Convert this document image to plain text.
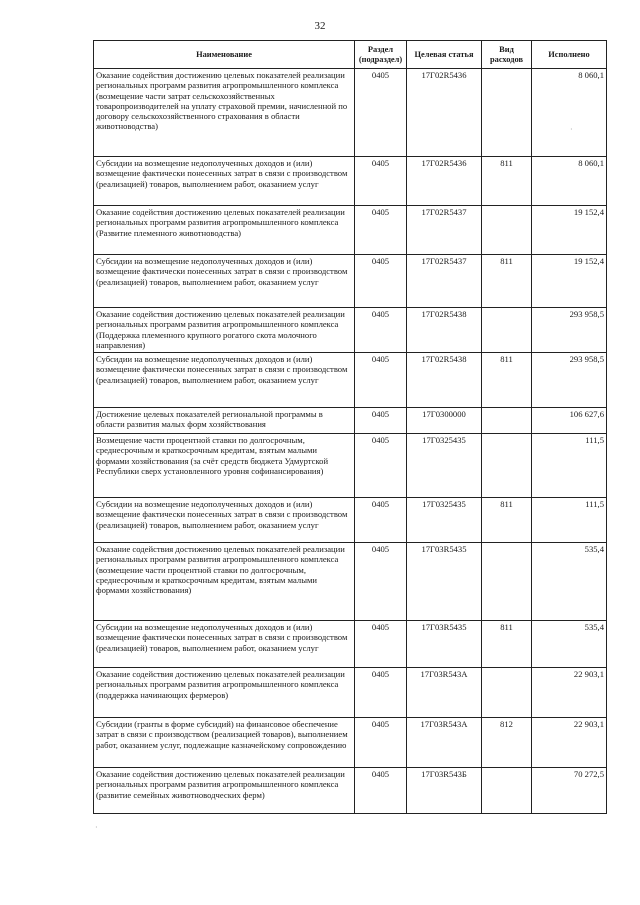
32
Наименование	Раздел (подраздел)	Целевая статья	Вид расходов	Исполнено
Оказание содействия достижению целевых показателей реализации региональных программ развития агропромышленного комплекса (возмещение части затрат сельскохозяйственных товаропроизводителей на уплату страховой премии, начисленной по договору сельскохозяйственного страхования в области животноводства)	0405	17Г02R5436		8 060,1
Субсидии на возмещение недополученных доходов и (или) возмещение фактически понесенных затрат в связи с производством (реализацией) товаров, выполнением работ, оказанием услуг	0405	17Г02R5436	811	8 060,1
Оказание содействия достижению целевых показателей реализации региональных программ развития агропромышленного комплекса (Развитие племенного животноводства)	0405	17Г02R5437		19 152,4
Субсидии на возмещение недополученных доходов и (или) возмещение фактически понесенных затрат в связи с производством (реализацией) товаров, выполнением работ, оказанием услуг	0405	17Г02R5437	811	19 152,4
Оказание содействия достижению целевых показателей реализации региональных программ развития агропромышленного комплекса (Поддержка племенного крупного рогатого скота молочного направления)	0405	17Г02R5438		293 958,5
Субсидии на возмещение недополученных доходов и (или) возмещение фактически понесенных затрат в связи с производством (реализацией) товаров, выполнением работ, оказанием услуг	0405	17Г02R5438	811	293 958,5
Достижение целевых показателей региональной программы в области развития малых форм хозяйствования	0405	17Г0300000		106 627,6
Возмещение части процентной ставки по долгосрочным, среднесрочным и краткосрочным кредитам, взятым малыми формами хозяйствования (за счёт средств бюджета Удмуртской Республики сверх установленного уровня софинансирования)	0405	17Г0325435		111,5
Субсидии на возмещение недополученных доходов и (или) возмещение фактически понесенных затрат в связи с производством (реализацией) товаров, выполнением работ, оказанием услуг	0405	17Г0325435	811	111,5
Оказание содействия достижению целевых показателей реализации региональных программ развития агропромышленного комплекса (возмещение части процентной ставки по долгосрочным, среднесрочным и краткосрочным кредитам, взятым малыми формами хозяйствования)	0405	17Г03R5435		535,4
Субсидии на возмещение недополученных доходов и (или) возмещение фактически понесенных затрат в связи с производством (реализацией) товаров, выполнением работ, оказанием услуг	0405	17Г03R5435	811	535,4
Оказание содействия достижению целевых показателей реализации региональных программ развития агропромышленного комплекса (поддержка начинающих фермеров)	0405	17Г03R543А		22 903,1
Субсидии (гранты в форме субсидий) на финансовое обеспечение затрат в связи с производством (реализацией товаров), выполнением работ, оказанием услуг, подлежащие казначейскому сопровождению	0405	17Г03R543А	812	22 903,1
Оказание содействия достижению целевых показателей реализации региональных программ развития агропромышленного комплекса (развитие семейных животноводческих ферм)	0405	17Г03R543Б		70 272,5
·
·
